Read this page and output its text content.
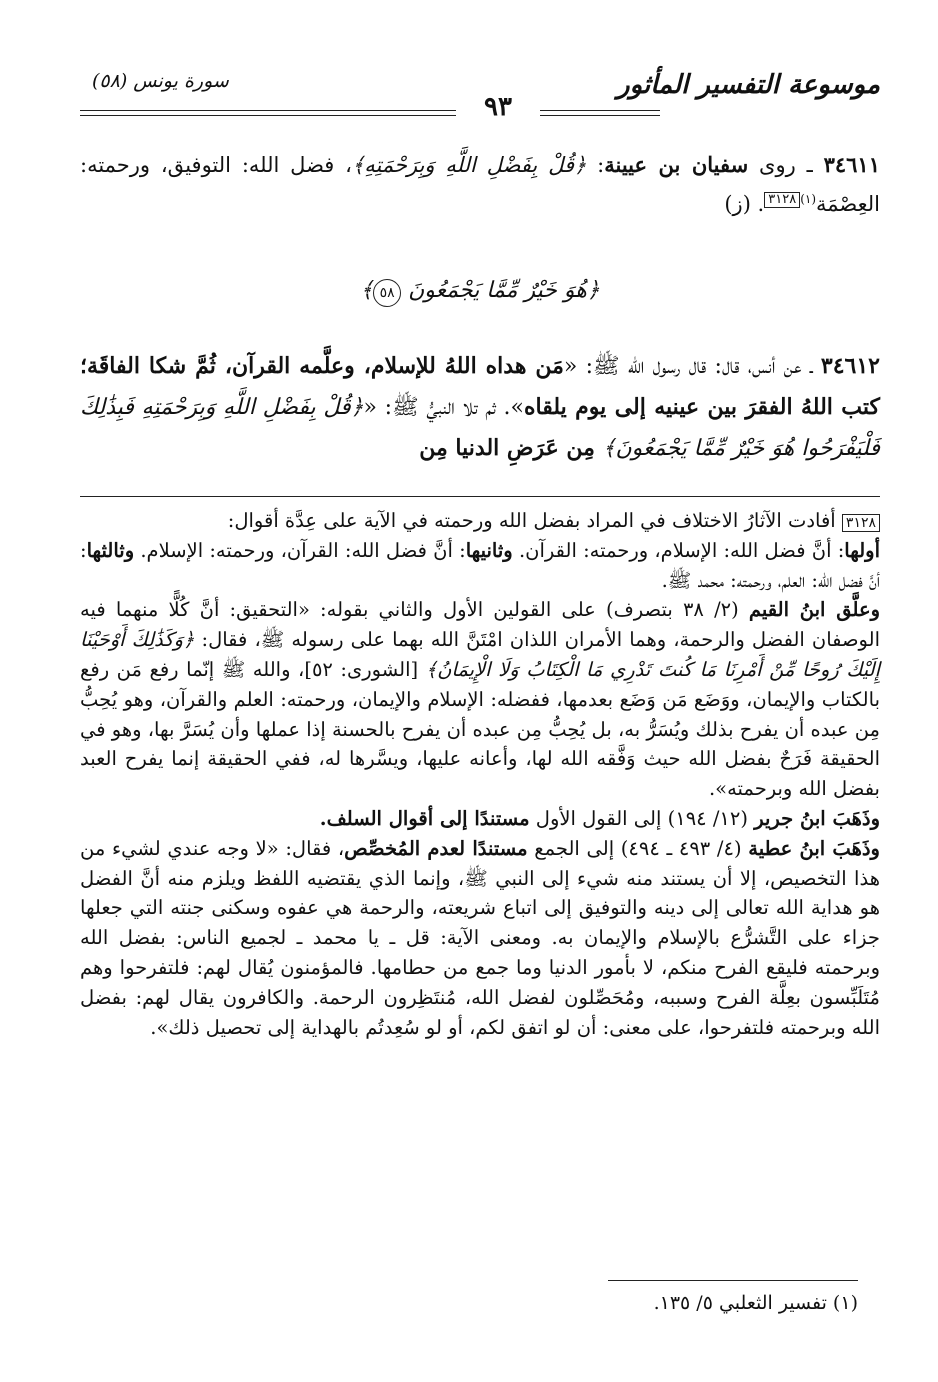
موسوعة التفسير المأثور
٩٣
سورة يونس (٥٨)

٣٤٦١١ ـ روى سفيان بن عيينة: ﴿قُلْ بِفَضْلِ اللَّهِ وَبِرَحْمَتِهِ﴾، فضل الله: التوفيق، ورحمته: العِصْمَة$^{(١)}$٣١٢٨. (ز)

﴿هُوَ خَيْرٌ مِّمَّا يَجْمَعُونَ ٥٨﴾
٣٤٦١٢ ـ عن أنس، قال: قال رسول الله ﷺ: «مَن هداه اللهُ للإسلام، وعلَّمه القرآن، ثُمَّ شكا الفاقَة؛ كتب اللهُ الفقرَ بين عينيه إلى يوم يلقاه». ثم تلا النبيُّ ﷺ: «﴿قُلْ بِفَضْلِ اللَّهِ وَبِرَحْمَتِهِ فَبِذَٰلِكَ فَلْيَفْرَحُوا هُوَ خَيْرٌ مِّمَّا يَجْمَعُونَ﴾ مِن عَرَضِ الدنيا مِن

٣١٢٨ أفادت الآثارُ الاختلاف في المراد بفضل الله ورحمته في الآية على عِدَّة أقوال:

أولها: أنَّ فضل الله: الإسلام، ورحمته: القرآن. وثانيها: أنَّ فضل الله: القرآن، ورحمته: الإسلام. وثالثها: أنَّ فضل الله: العلم، ورحمته: محمد ﷺ.

وعلَّق ابنُ القيم (٢/ ٣٨ بتصرف) على القولين الأول والثاني بقوله: «التحقيق: أنَّ كُلًّا منهما فيه الوصفان الفضل والرحمة، وهما الأمران اللذان امْتَنَّ الله بهما على رسوله ﷺ، فقال: ﴿وَكَذَٰلِكَ أَوْحَيْنَا إِلَيْكَ رُوحًا مِّنْ أَمْرِنَا مَا كُنتَ تَدْرِي مَا الْكِتَابُ وَلَا الْإِيمَانُ﴾ [الشورى: ٥٢]، والله ﷺ إنّما رفع مَن رفع بالكتاب والإيمان، ووَضَع مَن وَضَع بعدمها، ففضله: الإسلام والإيمان، ورحمته: العلم والقرآن، وهو يُحِبُّ مِن عبده أن يفرح بذلك ويُسَرُّ به، بل يُحِبُّ مِن عبده أن يفرح بالحسنة إذا عملها وأن يُسَرَّ بها، وهو في الحقيقة فَرَحٌ بفضل الله حيث وَفَّقه الله لها، وأعانه عليها، ويسَّرها له، ففي الحقيقة إنما يفرح العبد بفضل الله وبرحمته».

وذَهَبَ ابنُ جرير (١٢/ ١٩٤) إلى القول الأول مستندًا إلى أقوال السلف.

وذَهَبَ ابنُ عطية (٤/ ٤٩٣ ـ ٤٩٤) إلى الجمع مستندًا لعدم المُخصِّص، فقال: «لا وجه عندي لشيء من هذا التخصيص، إلا أن يستند منه شيء إلى النبي ﷺ، وإنما الذي يقتضيه اللفظ ويلزم منه أنَّ الفضل هو هداية الله تعالى إلى دينه والتوفيق إلى اتباع شريعته، والرحمة هي عفوه وسكنى جنته التي جعلها جزاء على التَّشرُّع بالإسلام والإيمان به. ومعنى الآية: قل ـ يا محمد ـ لجميع الناس: بفضل الله وبرحمته فليقع الفرح منكم، لا بأمور الدنيا وما جمع من حطامها. فالمؤمنون يُقال لهم: فلتفرحوا وهم مُتَلَبِّسون بعِلَّة الفرح وسببه، ومُحَصِّلون لفضل الله، مُنتَظِرون الرحمة. والكافرون يقال لهم: بفضل الله وبرحمته فلتفرحوا، على معنى: أن لو اتفق لكم، أو لو سُعِدتُم بالهداية إلى تحصيل ذلك».

(١) تفسير الثعلبي ٥/ ١٣٥.
